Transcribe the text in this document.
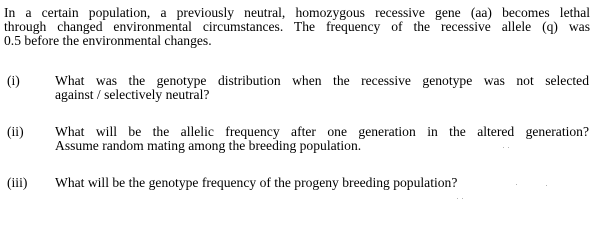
In a certain population, a previously neutral, homozygous recessive gene (aa) becomes lethal
through changed environmental circumstances. The frequency of the recessive allele (q) was
0.5 before the environmental changes.
(i)	What was the genotype distribution when the recessive genotype was not selected
against / selectively neutral?
(ii) What will be the allelic frequency after one generation in the altered generation?
Assume random mating among the breeding population.
(iii) What will be the genotype frequency of the progeny breeding population?
